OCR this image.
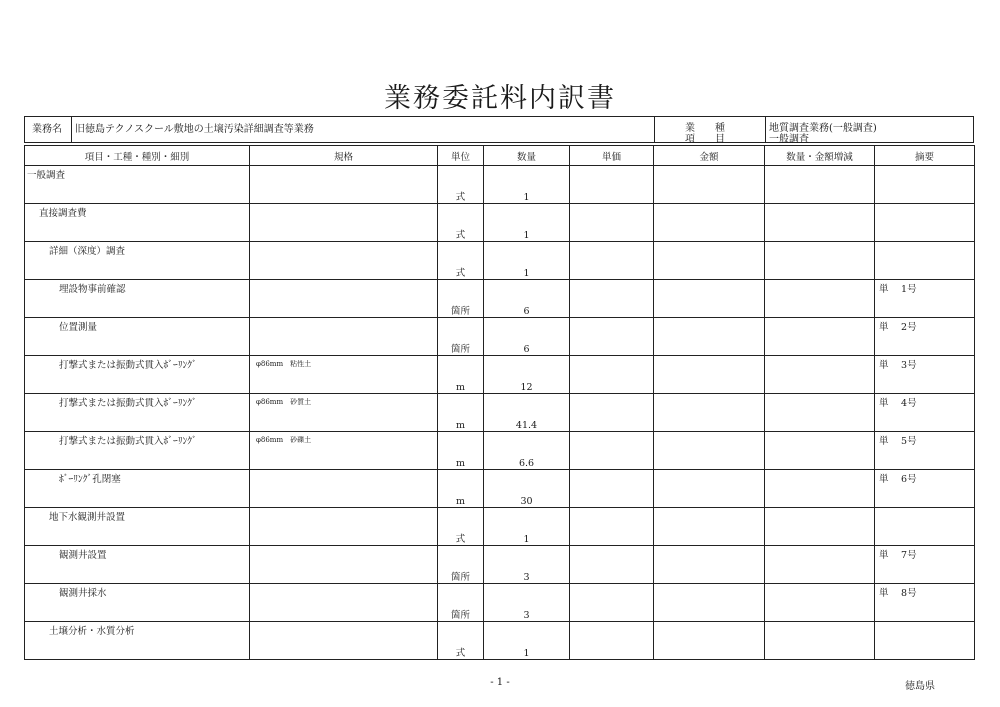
業務委託料内訳書
業務名 旧徳島テクノスクール敷地の土壌汚染詳細調査等業務	業　　種
項　　目
地質調査業務(一般調査)
一般調査
項目・工種・種別・細別	規格	単位	数量	単価	金額	数量・金額増減	摘要

一般調査		式	1				

直接調査費		式	1				

詳細（深度）調査		式	1				

埋設物事前確認		箇所	6				単　 1号

位置測量		箇所	6				単　 2号

打撃式または振動式貫入ﾎﾞｰﾘﾝｸﾞ	φ86mm　粘性土	m	12				単　 3号

打撃式または振動式貫入ﾎﾞｰﾘﾝｸﾞ	φ86mm　砂質土	m	41.4				単　 4号

打撃式または振動式貫入ﾎﾞｰﾘﾝｸﾞ	φ86mm　砂礫土	m	6.6				単　 5号

ﾎﾞｰﾘﾝｸﾞ孔閉塞		m	30				単　 6号

地下水観測井設置		式	1				

観測井設置		箇所	3				単　 7号

観測井採水		箇所	3				単　 8号

土壌分析・水質分析		式	1				

- 1 -	徳島県
